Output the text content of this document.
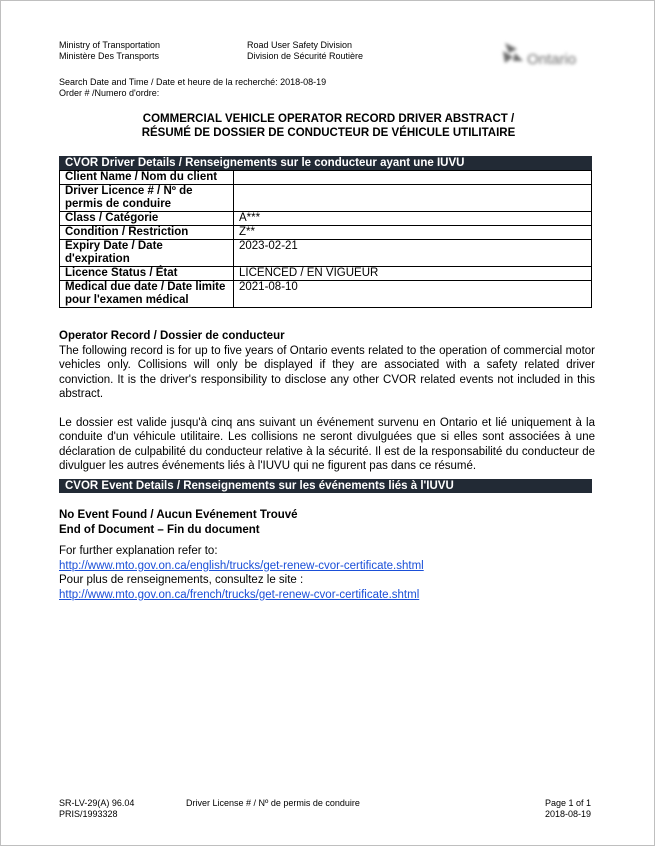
Ministry of Transportation
Ministère Des Transports
Road User Safety Division
Division de Sécurité Routière	Ontario
Search Date and Time / Date et heure de la recherché: 2018-08-19
Order # /Numero d'ordre:
COMMERCIAL VEHICLE OPERATOR RECORD DRIVER ABSTRACT /
RÉSUMÉ DE DOSSIER DE CONDUCTEUR DE VÉHICULE UTILITAIRE
CVOR Driver Details / Renseignements sur le conducteur ayant une IUVU
Client Name / Nom du client	
Driver Licence # / Nº de permis de conduire	
Class / Catégorie	A***
Condition / Restriction	Z**
Expiry Date / Date d'expiration	2023-02-21
Licence Status / État	LICENCED / EN VIGUEUR
Medical due date / Date limite pour l'examen médical	2021-08-10
Operator Record / Dossier de conducteur
The following record is for up to five years of Ontario events related to the operation of commercial motor vehicles only. Collisions will only be displayed if they are associated with a safety related driver conviction. It is the driver's responsibility to disclose any other CVOR related events not included in this abstract.
Le dossier est valide jusqu'à cinq ans suivant un événement survenu en Ontario et lié uniquement à la conduite d'un véhicule utilitaire. Les collisions ne seront divulguées que si elles sont associées à une déclaration de culpabilité du conducteur relative à la sécurité. Il est de la responsabilité du conducteur de divulguer les autres événements liés à l'IUVU qui ne figurent pas dans ce résumé.
CVOR Event Details / Renseignements sur les événements liés à l'IUVU
No Event Found / Aucun Evénement Trouvé
End of Document – Fin du document
For further explanation refer to:
http://www.mto.gov.on.ca/english/trucks/get-renew-cvor-certificate.shtml
Pour plus de renseignements, consultez le site :
http://www.mto.gov.on.ca/french/trucks/get-renew-cvor-certificate.shtml
SR-LV-29(A) 96.04
PRIS/1993328
Driver License # / Nº de permis de conduire	Page 1 of 1
2018-08-19
